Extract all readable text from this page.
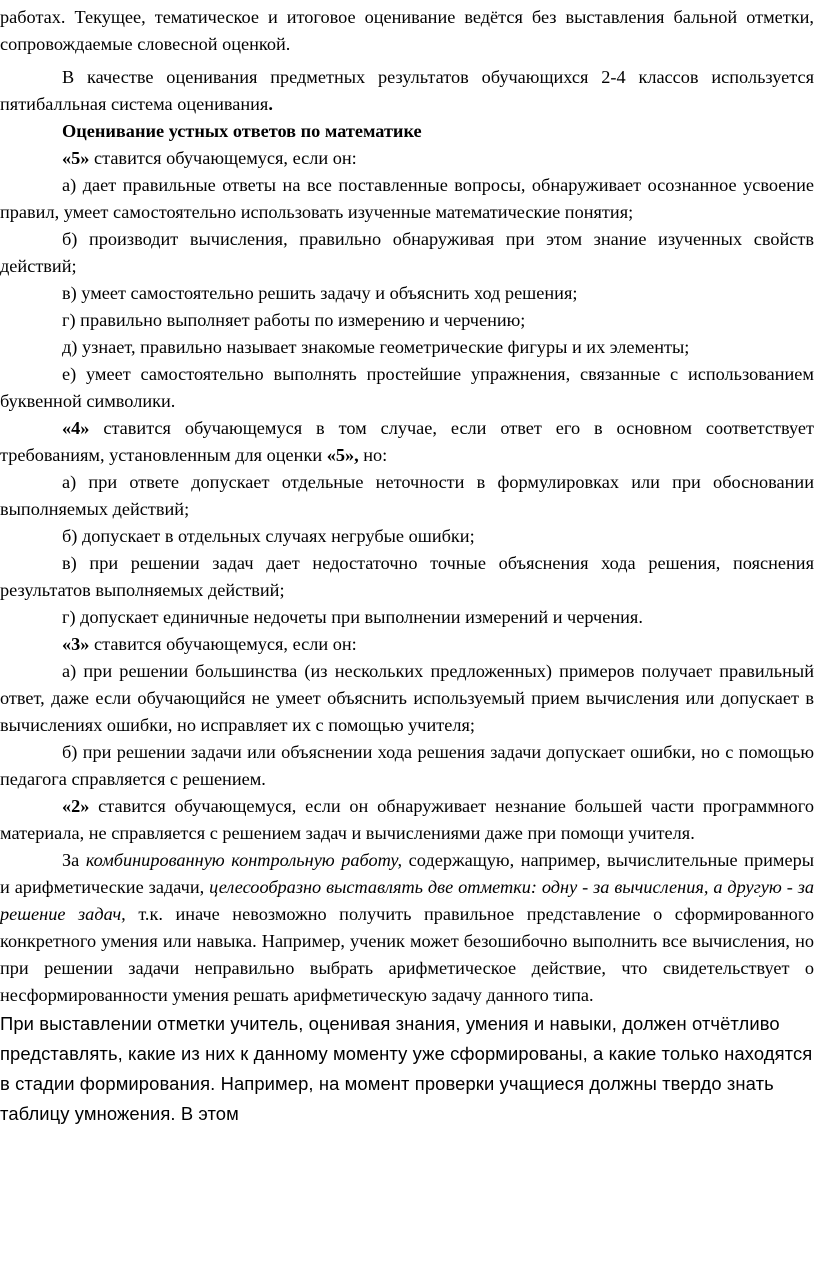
работах. Текущее, тематическое и итоговое оценивание ведётся без выставления бальной отметки, сопровождаемые словесной оценкой.

В качестве оценивания предметных результатов обучающихся 2-4 классов используется пятибалльная система оценивания.

Оценивание устных ответов по математике

«5» ставится обучающемуся, если он:

а) дает правильные ответы на все поставленные вопросы, обнаруживает осознанное усвоение правил, умеет самостоятельно использовать изученные математические понятия;

б) производит вычисления, правильно обнаруживая при этом знание изученных свойств действий;

в) умеет самостоятельно решить задачу и объяснить ход решения;

г) правильно выполняет работы по измерению и черчению;

д) узнает, правильно называет знакомые геометрические фигуры и их элементы;

е) умеет самостоятельно выполнять простейшие упражнения, связанные с использованием буквенной символики.

«4» ставится обучающемуся в том случае, если ответ его в основном соответствует требованиям, установленным для оценки «5», но:

а) при ответе допускает отдельные неточности в формулировках или при обосновании выполняемых действий;

б) допускает в отдельных случаях негрубые ошибки;

в) при решении задач дает недостаточно точные объяснения хода решения, пояснения результатов выполняемых действий;

г) допускает единичные недочеты при выполнении измерений и черчения.

«3» ставится обучающемуся, если он:

а) при решении большинства (из нескольких предложенных) примеров получает правильный ответ, даже если обучающийся не умеет объяснить используемый прием вычисления или допускает в вычислениях ошибки, но исправляет их с помощью учителя;

б) при решении задачи или объяснении хода решения задачи допускает ошибки, но с помощью педагога справляется с решением.

«2» ставится обучающемуся, если он обнаруживает незнание большей части программного материала, не справляется с решением задач и вычислениями даже при помощи учителя.

За комбинированную контрольную работу, содержащую, например, вычислительные примеры и арифметические задачи, целесообразно выставлять две отметки: одну - за вычисления, а другую - за решение задач, т.к. иначе невозможно получить правильное представление о сформированного конкретного умения или навыка. Например, ученик может безошибочно выполнить все вычисления, но при решении задачи неправильно выбрать арифметическое действие, что свидетельствует о несформированности умения решать арифметическую задачу данного типа.

При выставлении отметки учитель, оценивая знания, умения и навыки, должен отчётливо представлять, какие из них к данному моменту уже сформированы, а какие только находятся в стадии формирования. Например, на момент проверки учащиеся должны твердо знать таблицу умножения. В этом
